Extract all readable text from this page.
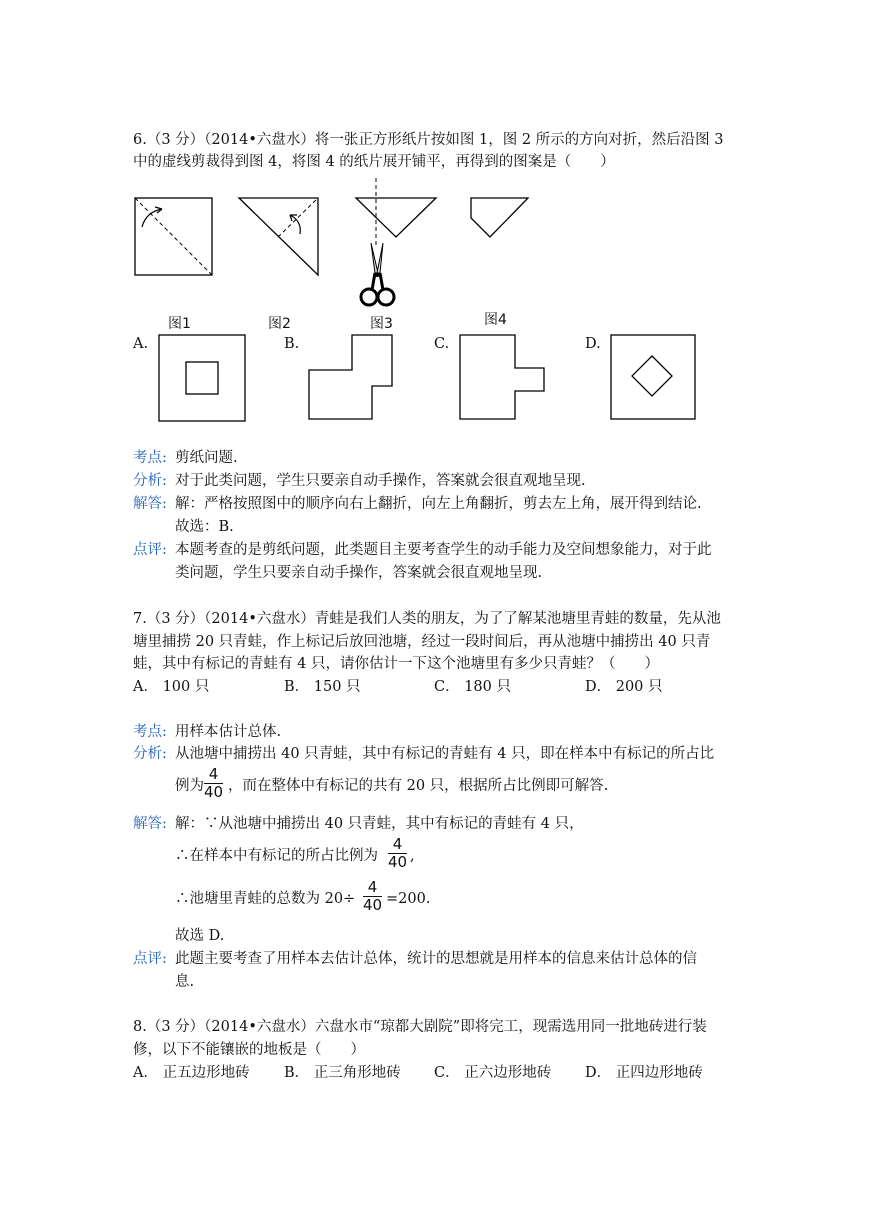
6.（3 分）（2014•六盘水）将一张正方形纸片按如图 1，图 2 所示的方向对折，然后沿图 3
中的虚线剪裁得到图 4，将图 4 的纸片展开铺平，再得到的图案是（　　）
图1	图2	图3	图4
A.	B.	C.	D.
考点: 剪纸问题.
分析: 对于此类问题，学生只要亲自动手操作，答案就会很直观地呈现.
解答: 解：严格按照图中的顺序向右上翻折，向左上角翻折，剪去左上角，展开得到结论.
故选：B.
点评: 本题考查的是剪纸问题，此类题目主要考查学生的动手能力及空间想象能力，对于此
类问题，学生只要亲自动手操作，答案就会很直观地呈现.
7.（3 分）（2014•六盘水）青蛙是我们人类的朋友，为了了解某池塘里青蛙的数量，先从池
塘里捕捞 20 只青蛙，作上标记后放回池塘，经过一段时间后，再从池塘中捕捞出 40 只青
蛙，其中有标记的青蛙有 4 只，请你估计一下这个池塘里有多少只青蛙？（　　）
A． 100 只	B． 150 只	C． 180 只	D． 200 只
考点: 用样本估计总体.
分析: 从池塘中捕捞出 40 只青蛙，其中有标记的青蛙有 4 只，即在样本中有标记的所占比
例为 $\frac{4}{40}$ ，而在整体中有标记的共有 20 只，根据所占比例即可解答.
解答: 解：∵从池塘中捕捞出 40 只青蛙，其中有标记的青蛙有 4 只，
∴在样本中有标记的所占比例为 $\frac{4}{40}$ ,
∴池塘里青蛙的总数为 $20\div \frac{4}{40} =200$.
故选 D.
点评: 此题主要考查了用样本去估计总体，统计的思想就是用样本的信息来估计总体的信
息.
8.（3 分）（2014•六盘水）六盘水市“琼都大剧院”即将完工，现需选用同一批地砖进行装
修，以下不能镶嵌的地板是（　　）
A． 正五边形地砖 B． 正三角形地砖 C． 正六边形地砖 D． 正四边形地砖
